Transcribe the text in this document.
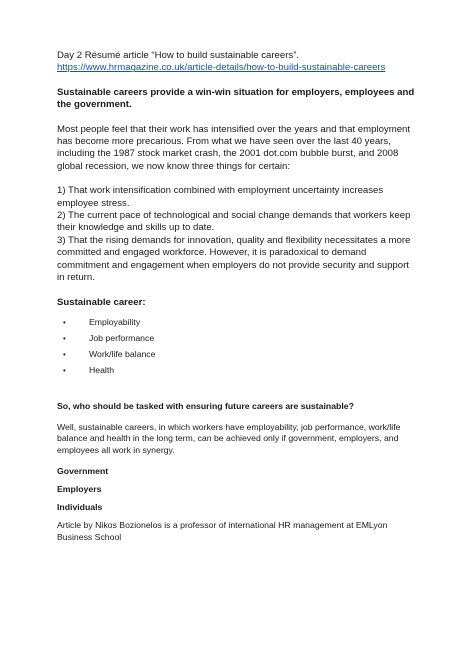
Day 2 Résumé article “How to build sustainable careers”.

https://www.hrmagazine.co.uk/article-details/how-to-build-sustainable-careers

Sustainable careers provide a win-win situation for employers, employees and the government.

Most people feel that their work has intensified over the years and that employment has become more precarious. From what we have seen over the last 40 years, including the 1987 stock market crash, the 2001 dot.com bubble burst, and 2008 global recession, we now know three things for certain:

1) That work intensification combined with employment uncertainty increases employee stress.

2) The current pace of technological and social change demands that workers keep their knowledge and skills up to date.

3) That the rising demands for innovation, quality and flexibility necessitates a more committed and engaged workforce. However, it is paradoxical to demand commitment and engagement when employers do not provide security and support in return.

Sustainable career:

•	Employability
•	Job performance
•	Work/life balance
•	Health

So, who should be tasked with ensuring future careers are sustainable?

Well, sustainable careers, in which workers have employability, job performance, work/life balance and health in the long term, can be achieved only if government, employers, and employees all work in synergy.

Government

Employers

Individuals

Article by Nikos Bozionelos is a professor of international HR management at EMLyon Business School
